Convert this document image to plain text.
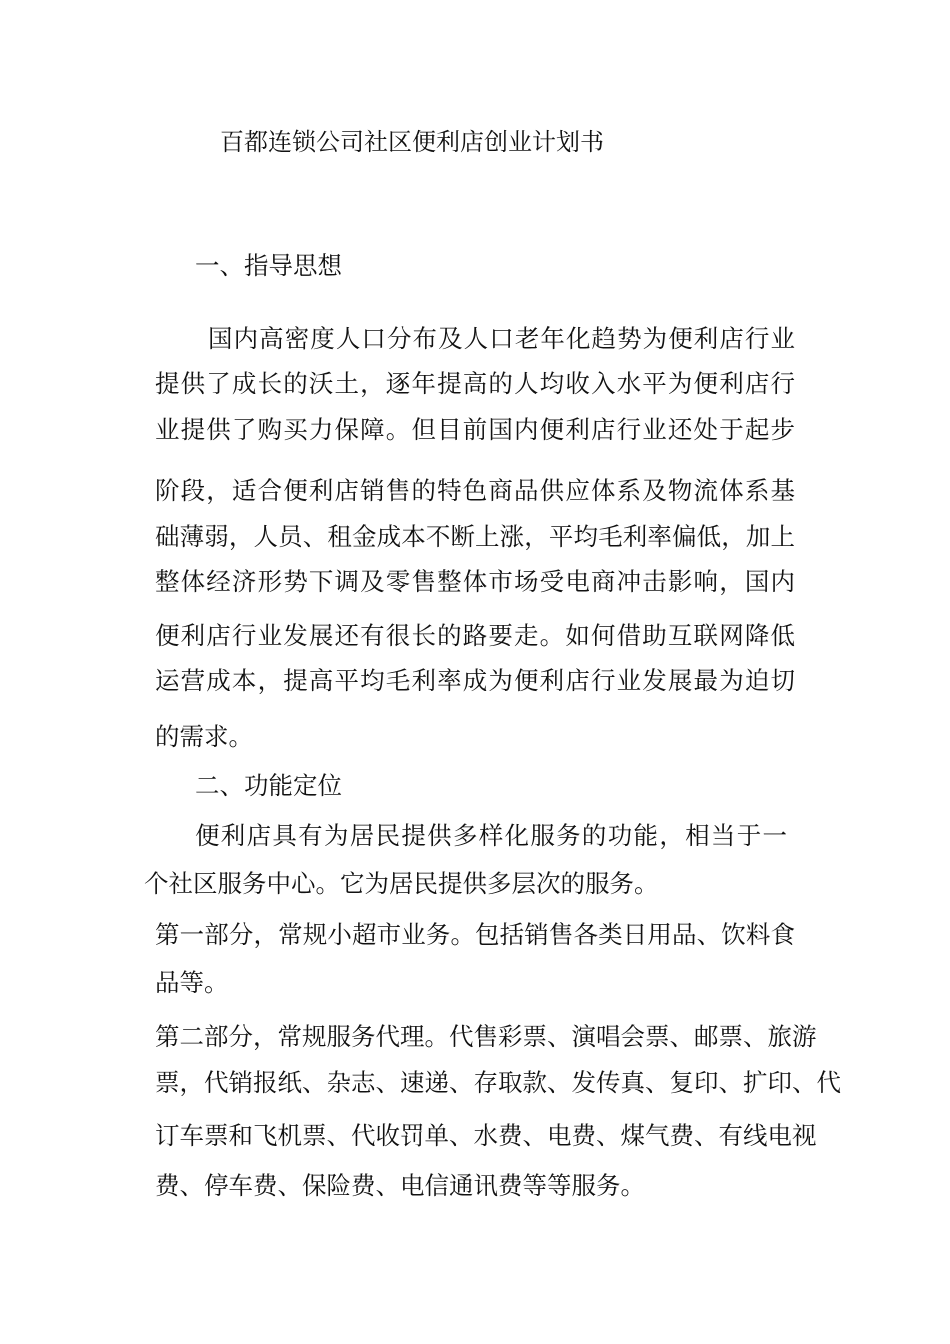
百都连锁公司社区便利店创业计划书
一、指导思想
国内高密度人口分布及人口老年化趋势为便利店行业
提供了成长的沃土，逐年提高的人均收入水平为便利店行
业提供了购买力保障。但目前国内便利店行业还处于起步
阶段，适合便利店销售的特色商品供应体系及物流体系基
础薄弱，人员、租金成本不断上涨，平均毛利率偏低，加上
整体经济形势下调及零售整体市场受电商冲击影响，国内
便利店行业发展还有很长的路要走。如何借助互联网降低
运营成本，提高平均毛利率成为便利店行业发展最为迫切
的需求。
二、功能定位
便利店具有为居民提供多样化服务的功能，相当于一
个社区服务中心。它为居民提供多层次的服务。
第一部分，常规小超市业务。包括销售各类日用品、饮料食
品等。
第二部分，常规服务代理。代售彩票、演唱会票、邮票、旅游
票，代销报纸、杂志、速递、存取款、发传真、复印、扩印、代
订车票和飞机票、代收罚单、水费、电费、煤气费、有线电视
费、停车费、保险费、电信通讯费等等服务。
